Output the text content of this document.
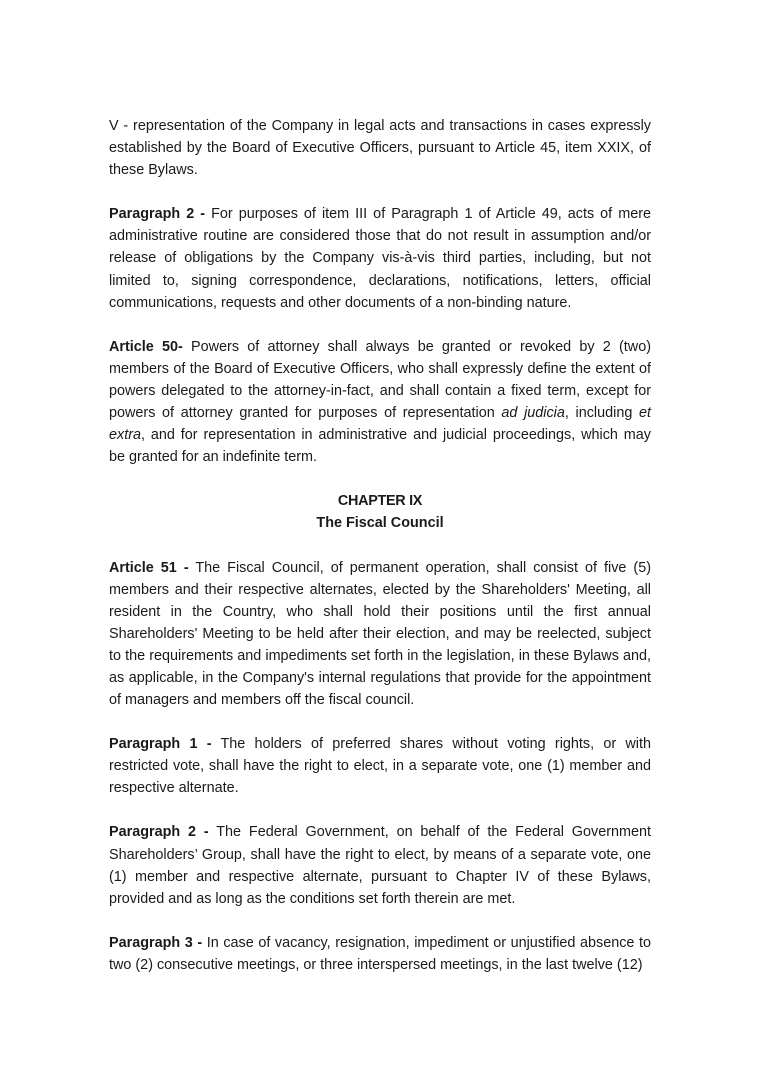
V - representation of the Company in legal acts and transactions in cases expressly established by the Board of Executive Officers, pursuant to Article 45, item XXIX, of these Bylaws.

Paragraph 2 - For purposes of item III of Paragraph 1 of Article 49, acts of mere administrative routine are considered those that do not result in assumption and/or release of obligations by the Company vis-à-vis third parties, including, but not limited to, signing correspondence, declarations, notifications, letters, official communications, requests and other documents of a non-binding nature.

Article 50- Powers of attorney shall always be granted or revoked by 2 (two) members of the Board of Executive Officers, who shall expressly define the extent of powers delegated to the attorney-in-fact, and shall contain a fixed term, except for powers of attorney granted for purposes of representation ad judicia, including et extra, and for representation in administrative and judicial proceedings, which may be granted for an indefinite term.

CHAPTER IX

The Fiscal Council

Article 51 - The Fiscal Council, of permanent operation, shall consist of five (5) members and their respective alternates, elected by the Shareholders' Meeting, all resident in the Country, who shall hold their positions until the first annual Shareholders' Meeting to be held after their election, and may be reelected, subject to the requirements and impediments set forth in the legislation, in these Bylaws and, as applicable, in the Company's internal regulations that provide for the appointment of managers and members off the fiscal council.

Paragraph 1 - The holders of preferred shares without voting rights, or with restricted vote, shall have the right to elect, in a separate vote, one (1) member and respective alternate.

Paragraph 2 - The Federal Government, on behalf of the Federal Government Shareholders’ Group, shall have the right to elect, by means of a separate vote, one (1) member and respective alternate, pursuant to Chapter IV of these Bylaws, provided and as long as the conditions set forth therein are met.

Paragraph 3 - In case of vacancy, resignation, impediment or unjustified absence to two (2) consecutive meetings, or three interspersed meetings, in the last twelve (12)
